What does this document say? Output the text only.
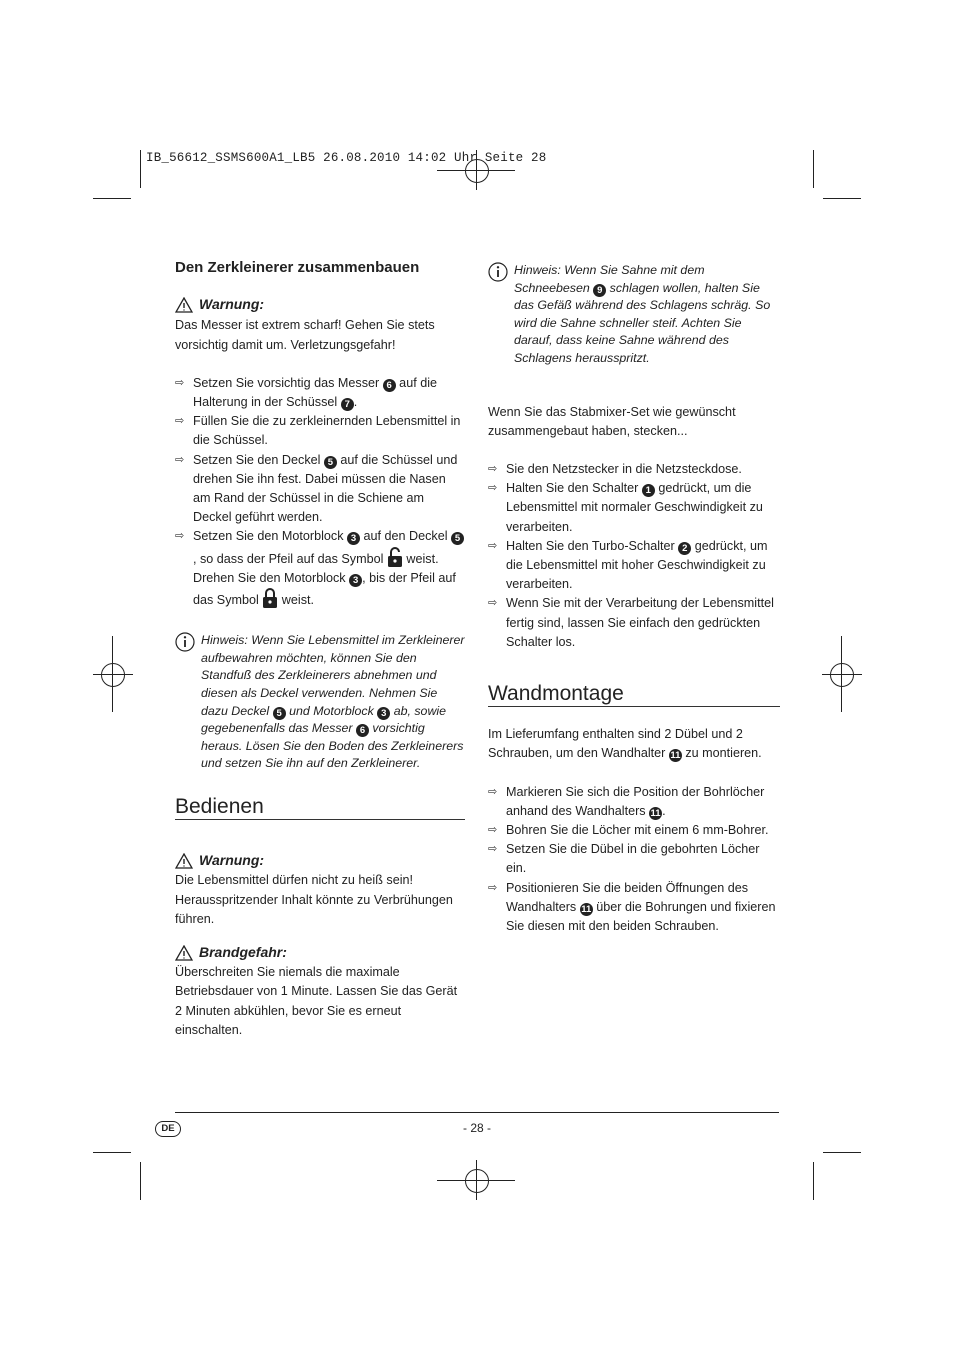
IB_56612_SSMS600A1_LB5 26.08.2010 14:02 Uhr Seite 28
Den Zerkleinerer zusammenbauen
Warnung:

Das Messer ist extrem scharf! Gehen Sie stets vorsichtig damit um. Verletzungsgefahr!

⇨ Setzen Sie vorsichtig das Messer 6 auf die Halterung in der Schüssel 7 .
⇨ Füllen Sie die zu zerkleinernden Lebensmittel in die Schüssel.
⇨ Setzen Sie den Deckel 5 auf die Schüssel und drehen Sie ihn fest. Dabei müssen die Nasen am Rand der Schüssel in die Schiene am Deckel geführt werden.
⇨ Setzen Sie den Motorblock 3 auf den Deckel 5, so dass der Pfeil auf das Symbol  weist. Drehen Sie den Motorblock 3 , bis der Pfeil auf das Symbol  weist.

Hinweis: Wenn Sie Lebensmittel im Zerkleinerer aufbewahren möchten, können Sie den Standfuß des Zerkleinerers abnehmen und diesen als Deckel verwenden. Nehmen Sie dazu Deckel 5 und Motorblock 3 ab, sowie gegebenenfalls das Messer 6 vorsichtig heraus. Lösen Sie den Boden des Zerkleinerers und setzen Sie ihn auf den Zerkleinerer.

Bedienen
Warnung:

Die Lebensmittel dürfen nicht zu heiß sein! Herausspritzender Inhalt könnte zu Verbrühungen führen.

Brandgefahr:

Überschreiten Sie niemals die maximale Betriebsdauer von 1 Minute. Lassen Sie das Gerät 2 Minuten abkühlen, bevor Sie es erneut einschalten.

Hinweis: Wenn Sie Sahne mit dem Schneebesen 9 schlagen wollen, halten Sie das Gefäß während des Schlagens schräg. So wird die Sahne schneller steif. Achten Sie darauf, dass keine Sahne während des Schlagens herausspritzt.

Wenn Sie das Stabmixer-Set wie gewünscht zusammengebaut haben, stecken...

⇨ Sie den Netzstecker in die Netzsteckdose.
⇨ Halten Sie den Schalter 1 gedrückt, um die Lebensmittel mit normaler Geschwindigkeit zu verarbeiten.
⇨ Halten Sie den Turbo-Schalter 2 gedrückt, um die Lebensmittel mit hoher Geschwindigkeit zu verarbeiten.
⇨ Wenn Sie mit der Verarbeitung der Lebensmittel fertig sind, lassen Sie einfach den gedrückten Schalter los.
Wandmontage

Im Lieferumfang enthalten sind 2 Dübel und 2 Schrauben, um den Wandhalter 11 zu montieren.

⇨ Markieren Sie sich die Position der Bohrlöcher anhand des Wandhalters 11.
⇨ Bohren Sie die Löcher mit einem 6 mm-Bohrer.
⇨ Setzen Sie die Dübel in die gebohrten Löcher ein.
⇨ Positionieren Sie die beiden Öffnungen des Wandhalters 11 über die Bohrungen und fixieren Sie diesen mit den beiden Schrauben.
DE	- 28 -
